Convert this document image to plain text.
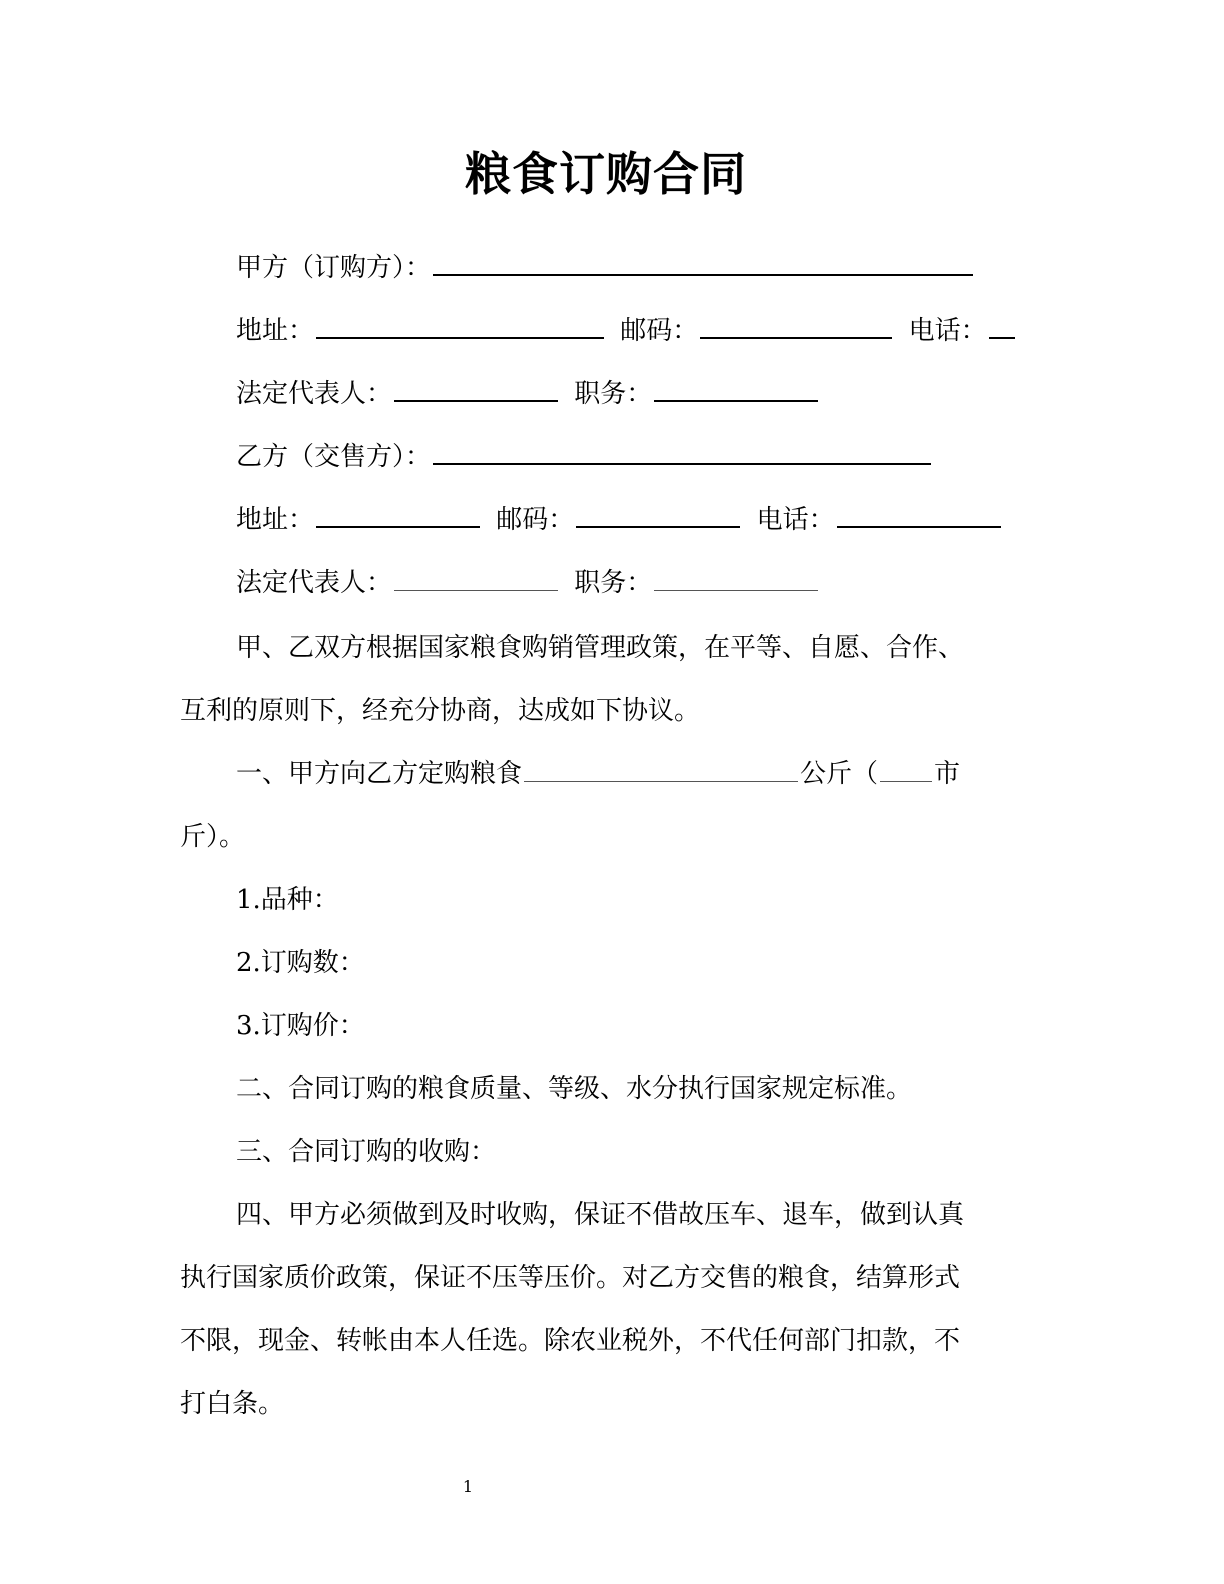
粮食订购合同
甲方（订购方）：
地址：	邮码：	电话：
法定代表人：	职务：
乙方（交售方）：
地址：	邮码：	电话：
法定代表人：	职务：
甲、乙双方根据国家粮食购销管理政策，在平等、自愿、合作、
互利的原则下，经充分协商，达成如下协议。
一、甲方向乙方定购粮食	公斤（ 市
斤）。
1.品种：
2.订购数：
3.订购价：
二、合同订购的粮食质量、等级、水分执行国家规定标准。
三、合同订购的收购：
四、甲方必须做到及时收购，保证不借故压车、退车，做到认真
执行国家质价政策，保证不压等压价。对乙方交售的粮食，结算形式
不限，现金、转帐由本人任选。除农业税外，不代任何部门扣款，不
打白条。
1
